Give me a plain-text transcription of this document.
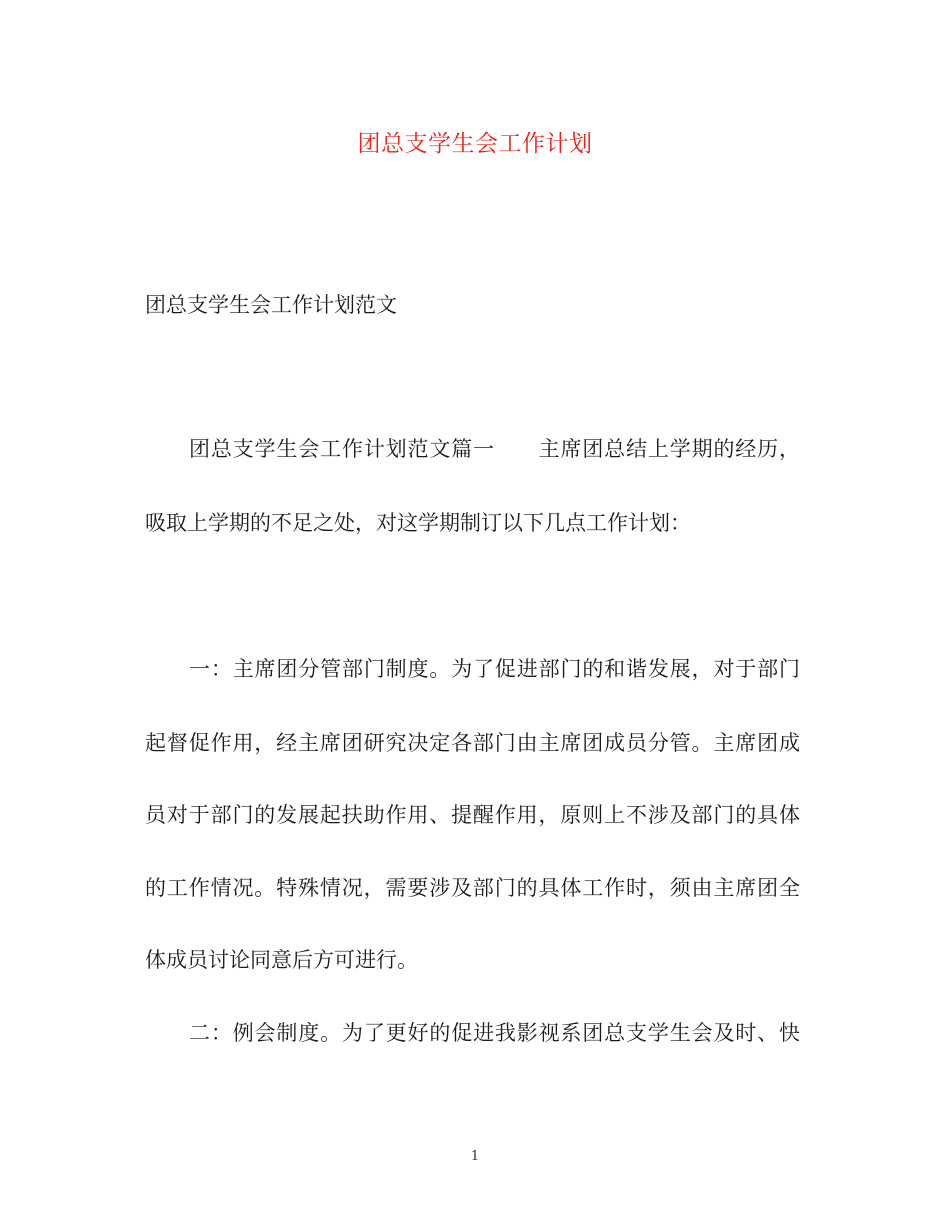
团总支学生会工作计划
团总支学生会工作计划范文
团总支学生会工作计划范文篇一　　主席团总结上学期的经历，
吸取上学期的不足之处，对这学期制订以下几点工作计划：
一：主席团分管部门制度。为了促进部门的和谐发展，对于部门
起督促作用，经主席团研究决定各部门由主席团成员分管。主席团成
员对于部门的发展起扶助作用、提醒作用，原则上不涉及部门的具体
的工作情况。特殊情况，需要涉及部门的具体工作时，须由主席团全
体成员讨论同意后方可进行。
二：例会制度。为了更好的促进我影视系团总支学生会及时、快
1
